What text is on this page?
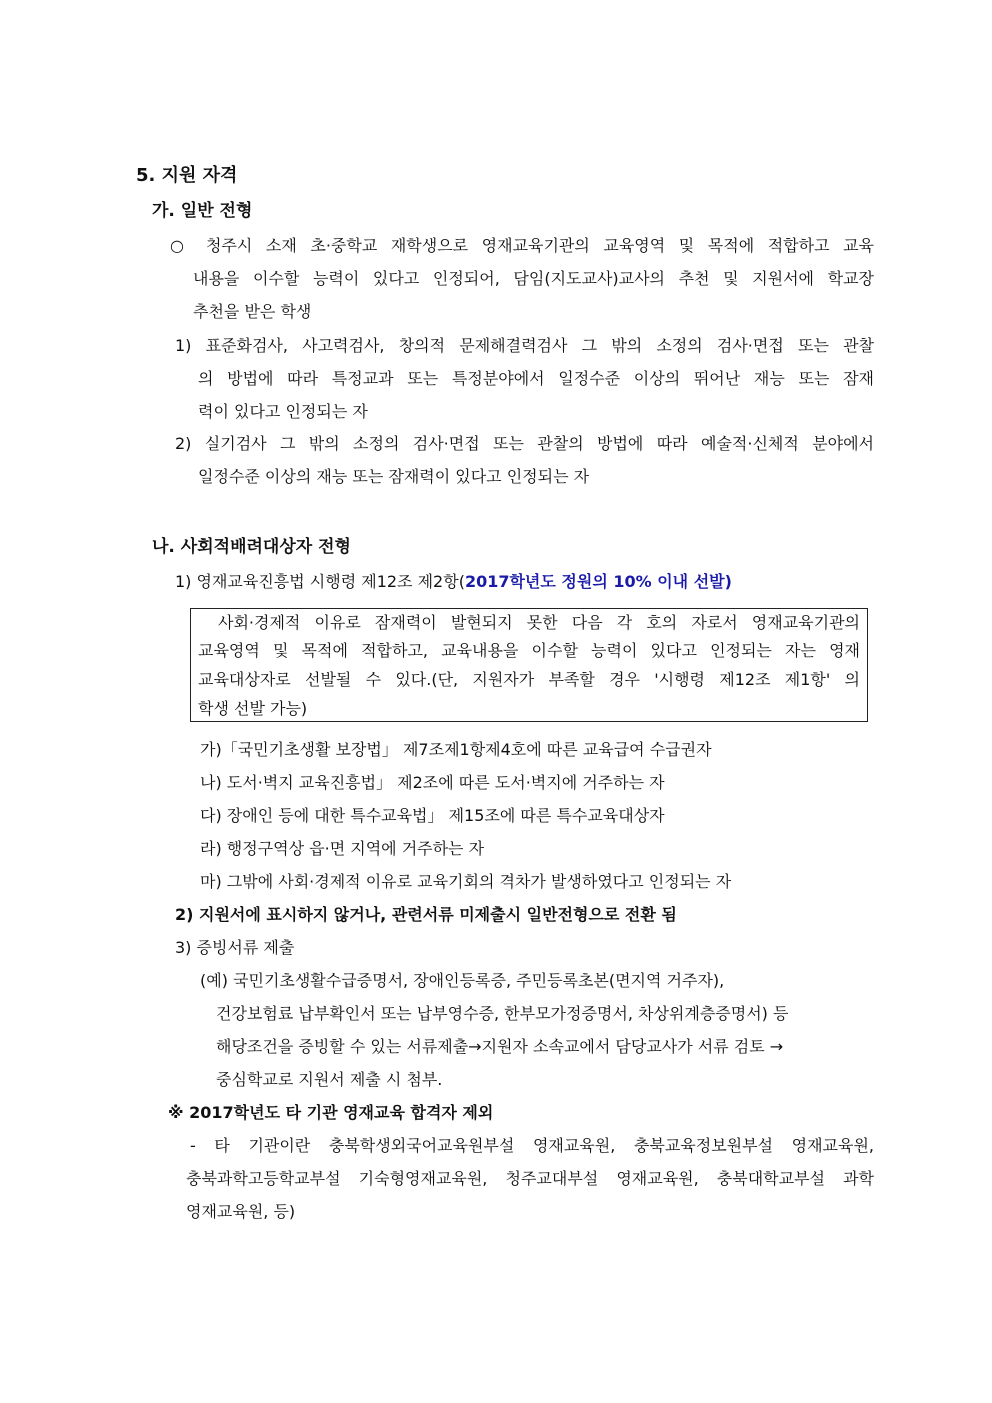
5. 지원 자격
가. 일반 전형
○ 청주시 소재 초·중학교 재학생으로 영재교육기관의 교육영역 및 목적에 적합하고 교육
내용을 이수할 능력이 있다고 인정되어, 담임(지도교사)교사의 추천 및 지원서에 학교장
추천을 받은 학생
1) 표준화검사, 사고력검사, 창의적 문제해결력검사 그 밖의 소정의 검사·면접 또는 관찰
의 방법에 따라 특정교과 또는 특정분야에서 일정수준 이상의 뛰어난 재능 또는 잠재
력이 있다고 인정되는 자
2) 실기검사 그 밖의 소정의 검사·면접 또는 관찰의 방법에 따라 예술적·신체적 분야에서
일정수준 이상의 재능 또는 잠재력이 있다고 인정되는 자
나. 사회적배려대상자 전형
1) 영재교육진흥법 시행령 제12조 제2항(2017학년도 정원의 10% 이내 선발)
사회·경제적 이유로 잠재력이 발현되지 못한 다음 각 호의 자로서 영재교육기관의
교육영역 및 목적에 적합하고, 교육내용을 이수할 능력이 있다고 인정되는 자는 영재
교육대상자로 선발될 수 있다.(단, 지원자가 부족할 경우 '시행령 제12조 제1항' 의
학생 선발 가능)
가)「국민기초생활 보장법」 제7조제1항제4호에 따른 교육급여 수급권자
나) 도서·벽지 교육진흥법」 제2조에 따른 도서·벽지에 거주하는 자
다) 장애인 등에 대한 특수교육법」 제15조에 따른 특수교육대상자
라) 행정구역상 읍·면 지역에 거주하는 자
마) 그밖에 사회·경제적 이유로 교육기회의 격차가 발생하였다고 인정되는 자
2) 지원서에 표시하지 않거나, 관련서류 미제출시 일반전형으로 전환 됨
3) 증빙서류 제출
(예) 국민기초생활수급증명서, 장애인등록증, 주민등록초본(면지역 거주자),
건강보험료 납부확인서 또는 납부영수증, 한부모가정증명서, 차상위계층증명서) 등
해당조건을 증빙할 수 있는 서류제출→지원자 소속교에서 담당교사가 서류 검토 →
중심학교로 지원서 제출 시 첨부.
※ 2017학년도 타 기관 영재교육 합격자 제외
- 타 기관이란 충북학생외국어교육원부설 영재교육원, 충북교육정보원부설 영재교육원,
충북과학고등학교부설 기숙형영재교육원, 청주교대부설 영재교육원, 충북대학교부설 과학
영재교육원, 등)
